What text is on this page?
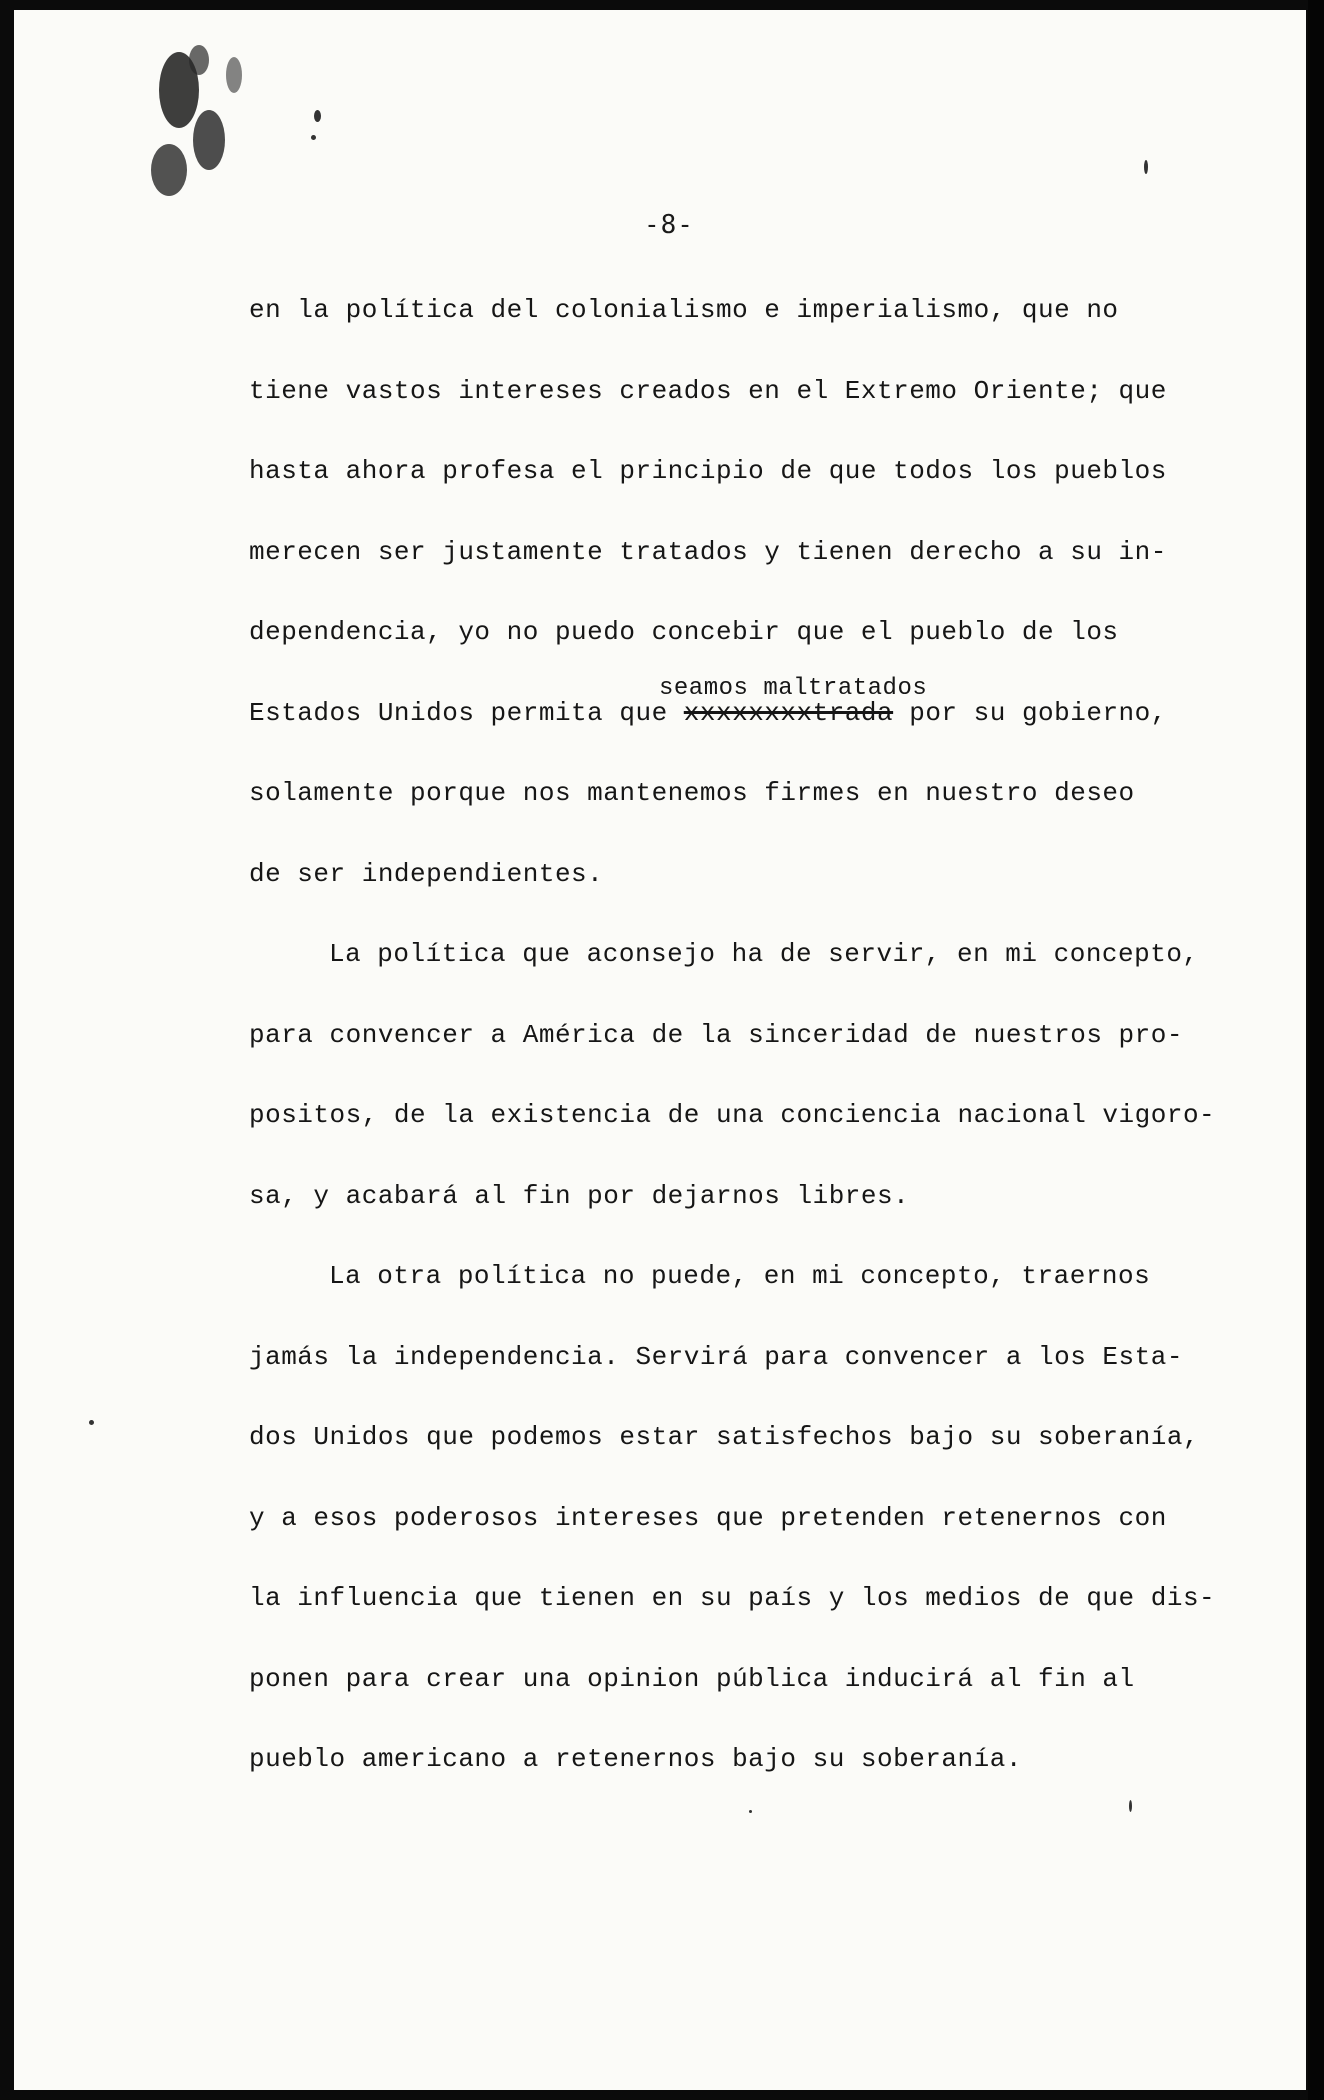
-8-
en la política del colonialismo e imperialismo, que no
tiene vastos intereses creados en el Extremo Oriente; que
hasta ahora profesa el principio de que todos los pueblos
merecen ser justamente tratados y tienen derecho a su in-
dependencia, yo no puedo concebir que el pueblo de los
Estados Unidos permita que xxxxxxxxtrada por su gobierno,
seamos maltratados
solamente porque nos mantenemos firmes en nuestro deseo
de ser independientes.
La política que aconsejo ha de servir, en mi concepto,
para convencer a América de la sinceridad de nuestros pro-
positos, de la existencia de una conciencia nacional vigoro-
sa, y acabará al fin por dejarnos libres.
La otra política no puede, en mi concepto, traernos
jamás la independencia. Servirá para convencer a los Esta-
dos Unidos que podemos estar satisfechos bajo su soberanía,
y a esos poderosos intereses que pretenden retenernos con
la influencia que tienen en su país y los medios de que dis-
ponen para crear una opinion pública inducirá al fin al
pueblo americano a retenernos bajo su soberanía.
